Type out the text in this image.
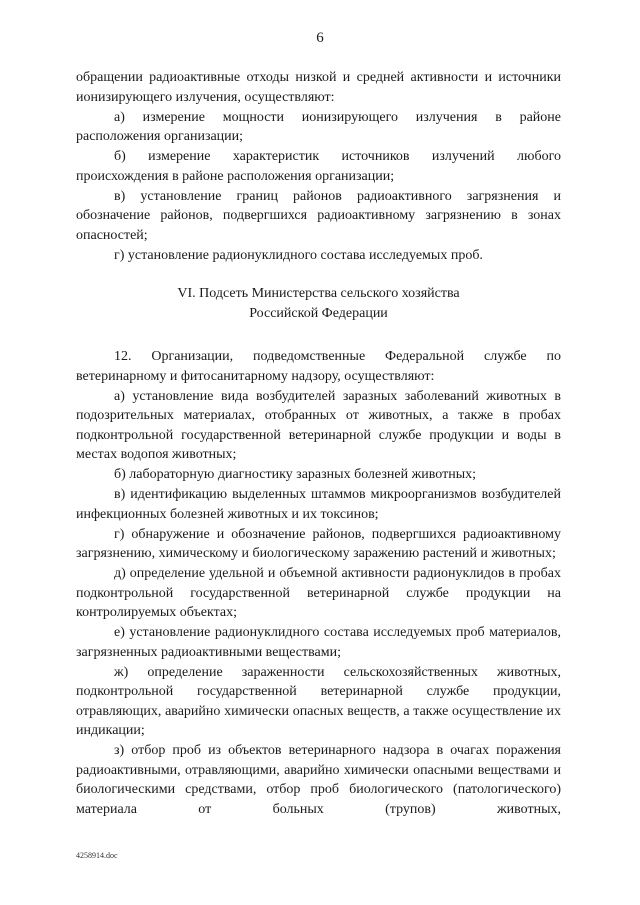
6

обращении радиоактивные отходы низкой и средней активности и источники ионизирующего излучения, осуществляют:

а) измерение мощности ионизирующего излучения в районе расположения организации;

б) измерение характеристик источников излучений любого происхождения в районе расположения организации;

в) установление границ районов радиоактивного загрязнения и обозначение районов, подвергшихся радиоактивному загрязнению в зонах опасностей;

г) установление радионуклидного состава исследуемых проб.

VI. Подсеть Министерства сельского хозяйства
Российской Федерации

12. Организации, подведомственные Федеральной службе по ветеринарному и фитосанитарному надзору, осуществляют:

а) установление вида возбудителей заразных заболеваний животных в подозрительных материалах, отобранных от животных, а также в пробах подконтрольной государственной ветеринарной службе продукции и воды в местах водопоя животных;

б) лабораторную диагностику заразных болезней животных;

в) идентификацию выделенных штаммов микроорганизмов возбудителей инфекционных болезней животных и их токсинов;

г) обнаружение и обозначение районов, подвергшихся радиоактивному загрязнению, химическому и биологическому заражению растений и животных;

д) определение удельной и объемной активности радионуклидов в пробах подконтрольной государственной ветеринарной службе продукции на контролируемых объектах;

е) установление радионуклидного состава исследуемых проб материалов, загрязненных радиоактивными веществами;

ж) определение зараженности сельскохозяйственных животных, подконтрольной государственной ветеринарной службе продукции, отравляющих, аварийно химически опасных веществ, а также осуществление их индикации;

з) отбор проб из объектов ветеринарного надзора в очагах поражения радиоактивными, отравляющими, аварийно химически опасными веществами и биологическими средствами, отбор проб биологического (патологического) материала от больных (трупов) животных,

4258914.doc
